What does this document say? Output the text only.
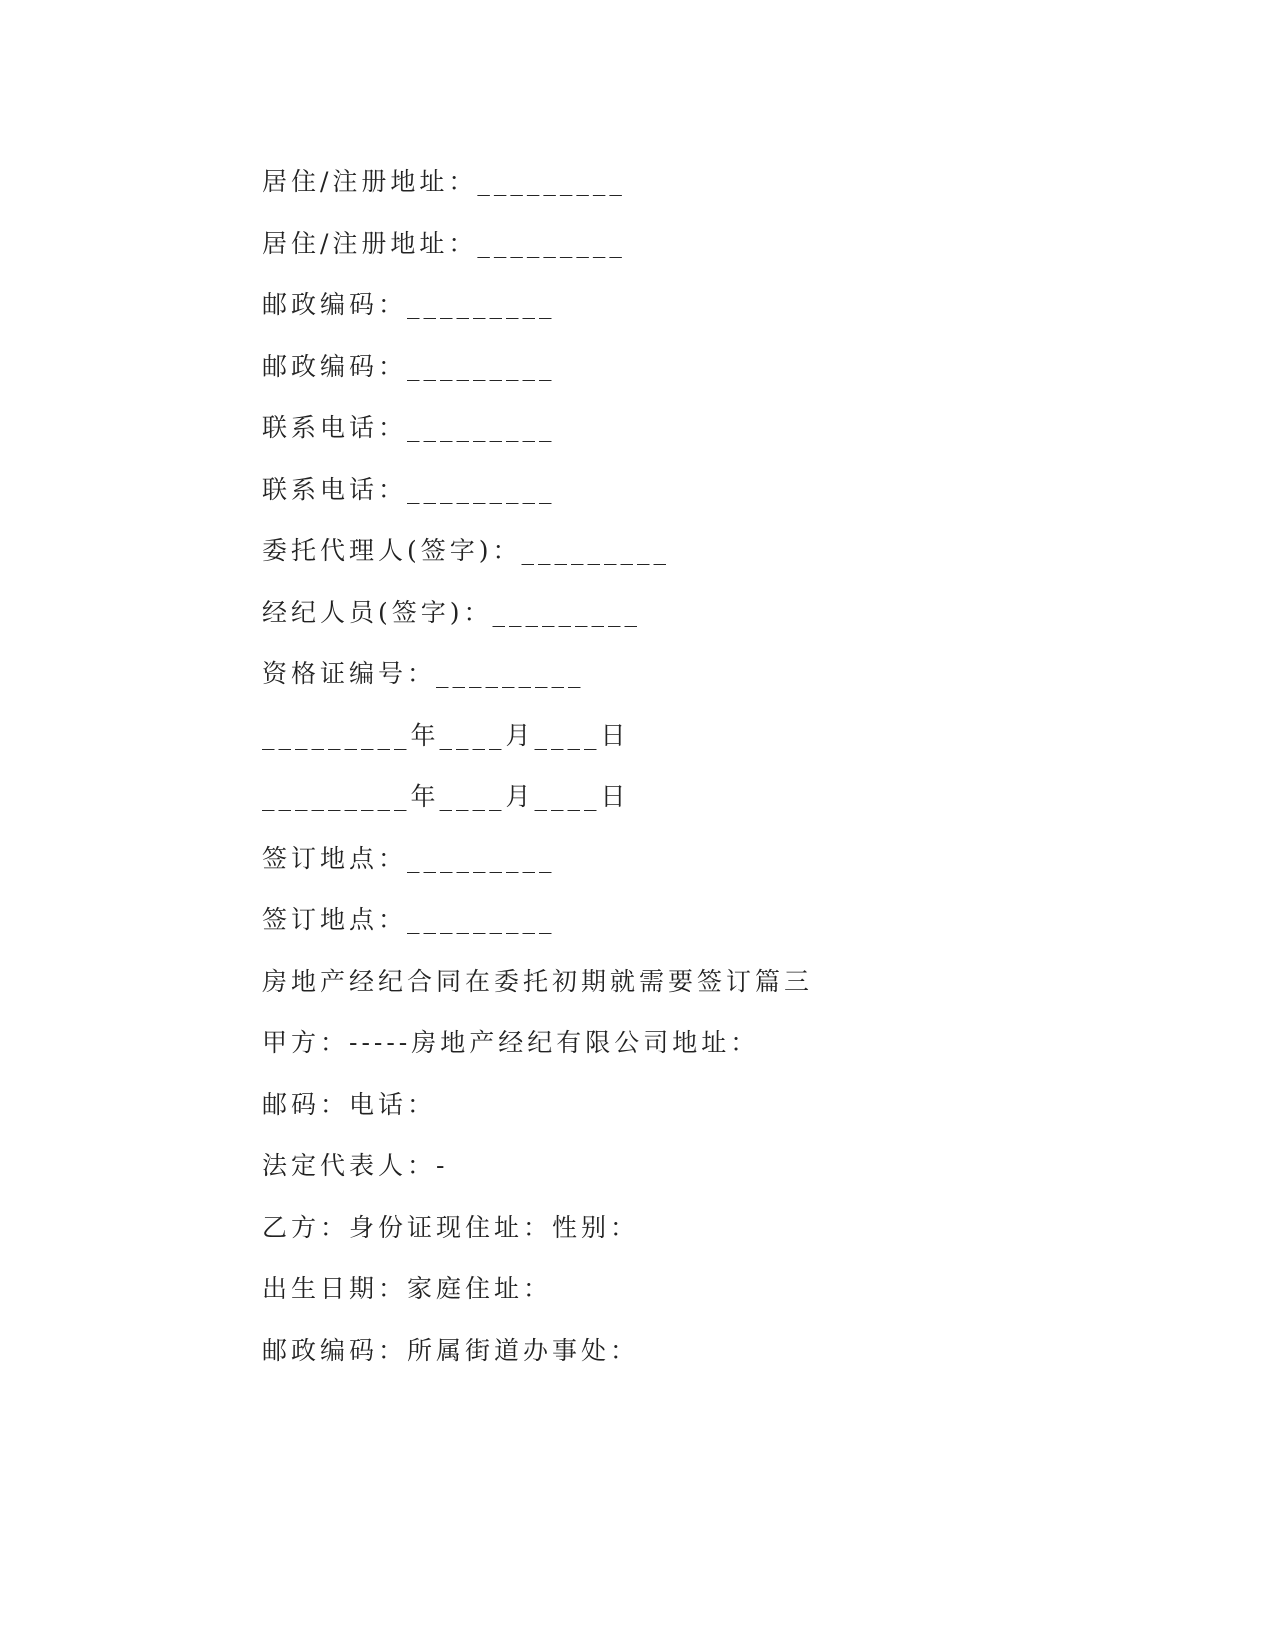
居住/注册地址：_________
居住/注册地址：_________
邮政编码：_________
邮政编码：_________
联系电话：_________
联系电话：_________
委托代理人(签字)：_________
经纪人员(签字)：_________
资格证编号：_________
_________年____月____日
_________年____月____日
签订地点：_________
签订地点：_________
房地产经纪合同在委托初期就需要签订篇三
甲方：-----房地产经纪有限公司地址：
邮码：电话：
法定代表人：-
乙方：身份证现住址：性别：
出生日期：家庭住址：
邮政编码：所属街道办事处：
